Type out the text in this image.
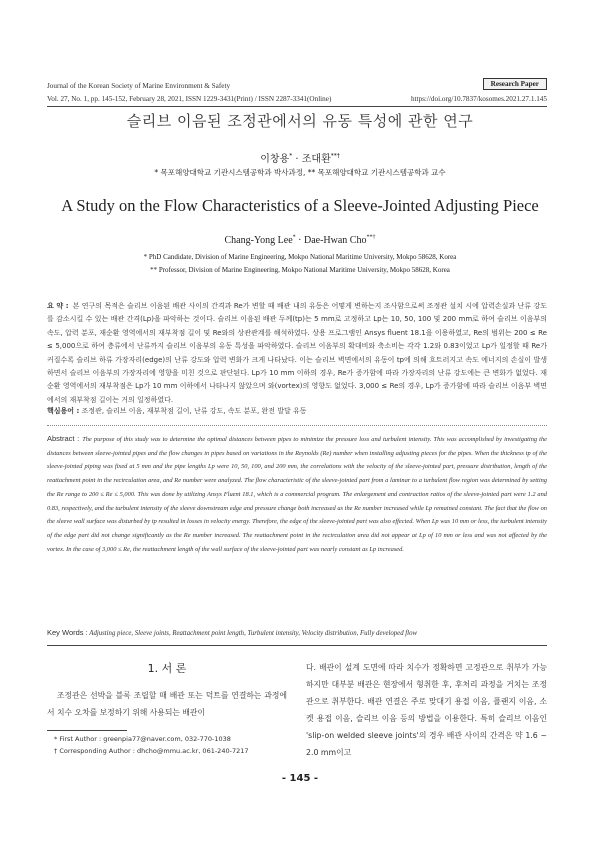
Journal of the Korean Society of Marine Environment & Safety	Research Paper
Vol. 27, No. 1, pp. 145-152, February 28, 2021, ISSN 1229-3431(Print) / ISSN 2287-3341(Online)	https://doi.org/10.7837/kosomes.2021.27.1.145
슬리브 이음된 조정관에서의 유동 특성에 관한 연구
이창용* · 조대환**†
* 목포해양대학교 기관시스템공학과 박사과정, ** 목포해양대학교 기관시스템공학과 교수
A Study on the Flow Characteristics of a Sleeve-Jointed Adjusting Piece
Chang-Yong Lee* · Dae-Hwan Cho**†
* PhD Candidate, Division of Marine Engineering, Mokpo National Maritime University, Mokpo 58628, Korea
** Professor, Division of Marine Engineering, Mokpo National Maritime University, Mokpo 58628, Korea
요 약 : 본 연구의 목적은 슬리브 이음된 배관 사이의 간격과 Re가 변할 때 배관 내의 유동은 어떻게 변하는지 조사함으로써 조정관 설치 시에 압력손실과 난류 강도를 감소시킬 수 있는 배관 간격(Lp)을 파악하는 것이다. 슬리브 이음된 배관 두께(tp)는 5 mm로 고정하고 Lp는 10, 50, 100 및 200 mm로 하여 슬리브 이음부의 속도, 압력 분포, 재순환 영역에서의 재부착점 길이 및 Re와의 상관관계를 해석하였다. 상용 프로그램인 Ansys fluent 18.1을 이용하였고, Re의 범위는 200 ≤ Re ≤ 5,000으로 하여 층류에서 난류까지 슬리브 이음부의 유동 특성을 파악하였다. 슬리브 이음부의 확대비와 축소비는 각각 1.2와 0.83이었고 Lp가 일정할 때 Re가 커질수록 슬리브 하류 가장자리(edge)의 난류 강도와 압력 변화가 크게 나타났다. 이는 슬리브 벽면에서의 유동이 tp에 의해 흐트러지고 속도 에너지의 손실이 발생하면서 슬리브 이음부의 가장자리에 영향을 미친 것으로 판단된다. Lp가 10 mm 이하의 경우, Re가 증가함에 따라 가장자리의 난류 강도에는 큰 변화가 없었다. 재순환 영역에서의 재부착점은 Lp가 10 mm 이하에서 나타나지 않았으며 와(vortex)의 영향도 없었다. 3,000 ≤ Re의 경우, Lp가 증가함에 따라 슬리브 이음부 벽면에서의 재부착점 길이는 거의 일정하였다.
핵심용어 : 조정관, 슬리브 이음, 재부착점 길이, 난류 강도, 속도 분포, 완전 발달 유동
Abstract : The purpose of this study was to determine the optimal distances between pipes to minimize the pressure loss and turbulent intensity. This was accomplished by investigating the distances between sleeve-jointed pipes and the flow changes in pipes based on variations in the Reynolds (Re) number when installing adjusting pieces for the pipes. When the thickness tp of the sleeve-jointed piping was fixed at 5 mm and the pipe lengths Lp were 10, 50, 100, and 200 mm, the correlations with the velocity of the sleeve-jointed part, pressure distribution, length of the reattachment point in the recirculation area, and Re number were analyzed. The flow characteristic of the sleeve-jointed part from a laminar to a turbulent flow region was determined by setting the Re range to 200 ≤ Re ≤ 5,000. This was done by utilizing Ansys Fluent 18.1, which is a commercial program. The enlargement and contraction ratios of the sleeve-jointed part were 1.2 and 0.83, respectively, and the turbulent intensity of the sleeve downstream edge and pressure change both increased as the Re number increased while Lp remained constant. The fact that the flow on the sleeve wall surface was disturbed by tp resulted in losses in velocity energy. Therefore, the edge of the sleeve-jointed part was also effected. When Lp was 10 mm or less, the turbulent intensity of the edge part did not change significantly as the Re number increased. The reattachment point in the recirculation area did not appear at Lp of 10 mm or less and was not affected by the vortex. In the case of 3,000 ≤ Re, the reattachment length of the wall surface of the sleeve-jointed part was nearly constant as Lp increased.
Key Words : Adjusting piece, Sleeve joints, Reattachment point length, Turbulent intensity, Velocity distribution, Fully developed flow
1. 서 론

조정관은 선박을 블록 조립할 때 배관 또는 덕트를 연결하는 과정에서 치수 오차를 보정하기 위해 사용되는 배관이

다. 배관이 설계 도면에 따라 치수가 정확하면 고정관으로 취부가 가능하지만 대부분 배관은 현장에서 형취한 후, 후처리 과정을 거치는 조정관으로 취부한다. 배관 연결은 주로 맞대기 용접 이음, 플랜지 이음, 소켓 용접 이음, 슬리브 이음 등의 방법을 이용한다. 특히 슬리브 이음인 'slip-on welded sleeve joints'의 경우 배관 사이의 간격은 약 1.6 ~ 2.0 mm이고

* First Author : greenpia77@naver.com, 032-770-1038
† Corresponding Author : dhcho@mmu.ac.kr, 061-240-7217
- 145 -
